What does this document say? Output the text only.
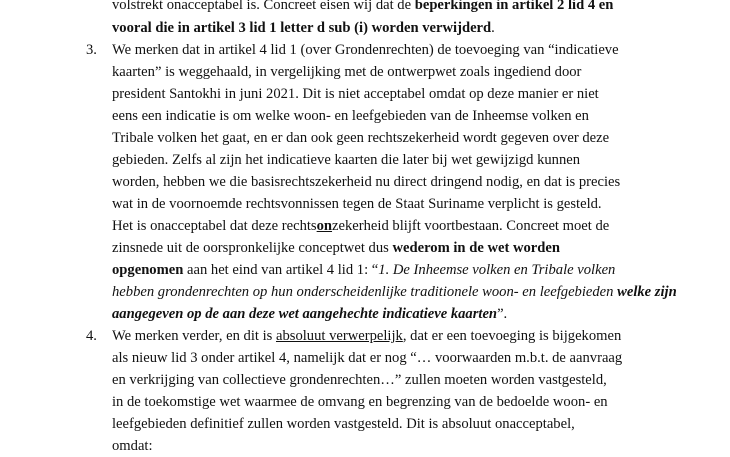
volstrekt onacceptabel is. Concreet eisen wij dat de beperkingen in artikel 2 lid 4 en
vooral die in artikel 3 lid 1 letter d sub (i) worden verwijderd.
3. We merken dat in artikel 4 lid 1 (over Grondenrechten) de toevoeging van “indicatieve
kaarten” is weggehaald, in vergelijking met de ontwerpwet zoals ingediend door
president Santokhi in juni 2021. Dit is niet acceptabel omdat op deze manier er niet
eens een indicatie is om welke woon- en leefgebieden van de Inheemse volken en
Tribale volken het gaat, en er dan ook geen rechtszekerheid wordt gegeven over deze
gebieden. Zelfs al zijn het indicatieve kaarten die later bij wet gewijzigd kunnen
worden, hebben we die basisrechtszekerheid nu direct dringend nodig, en dat is precies
wat in de voornoemde rechtsvonnissen tegen de Staat Suriname verplicht is gesteld.
Het is onacceptabel dat deze rechtsonzekerheid blijft voortbestaan. Concreet moet de
zinsnede uit de oorspronkelijke conceptwet dus wederom in de wet worden
opgenomen aan het eind van artikel 4 lid 1: “1. De Inheemse volken en Tribale volken
hebben grondenrechten op hun onderscheidenlijke traditionele woon- en leefgebieden welke zijn
aangegeven op de aan deze wet aangehechte indicatieve kaarten”.
4. We merken verder, en dit is absoluut verwerpelijk, dat er een toevoeging is bijgekomen
als nieuw lid 3 onder artikel 4, namelijk dat er nog “… voorwaarden m.b.t. de aanvraag
en verkrijging van collectieve grondenrechten…” zullen moeten worden vastgesteld,
in de toekomstige wet waarmee de omvang en begrenzing van de bedoelde woon- en
leefgebieden definitief zullen worden vastgesteld. Dit is absoluut onacceptabel,
omdat:
